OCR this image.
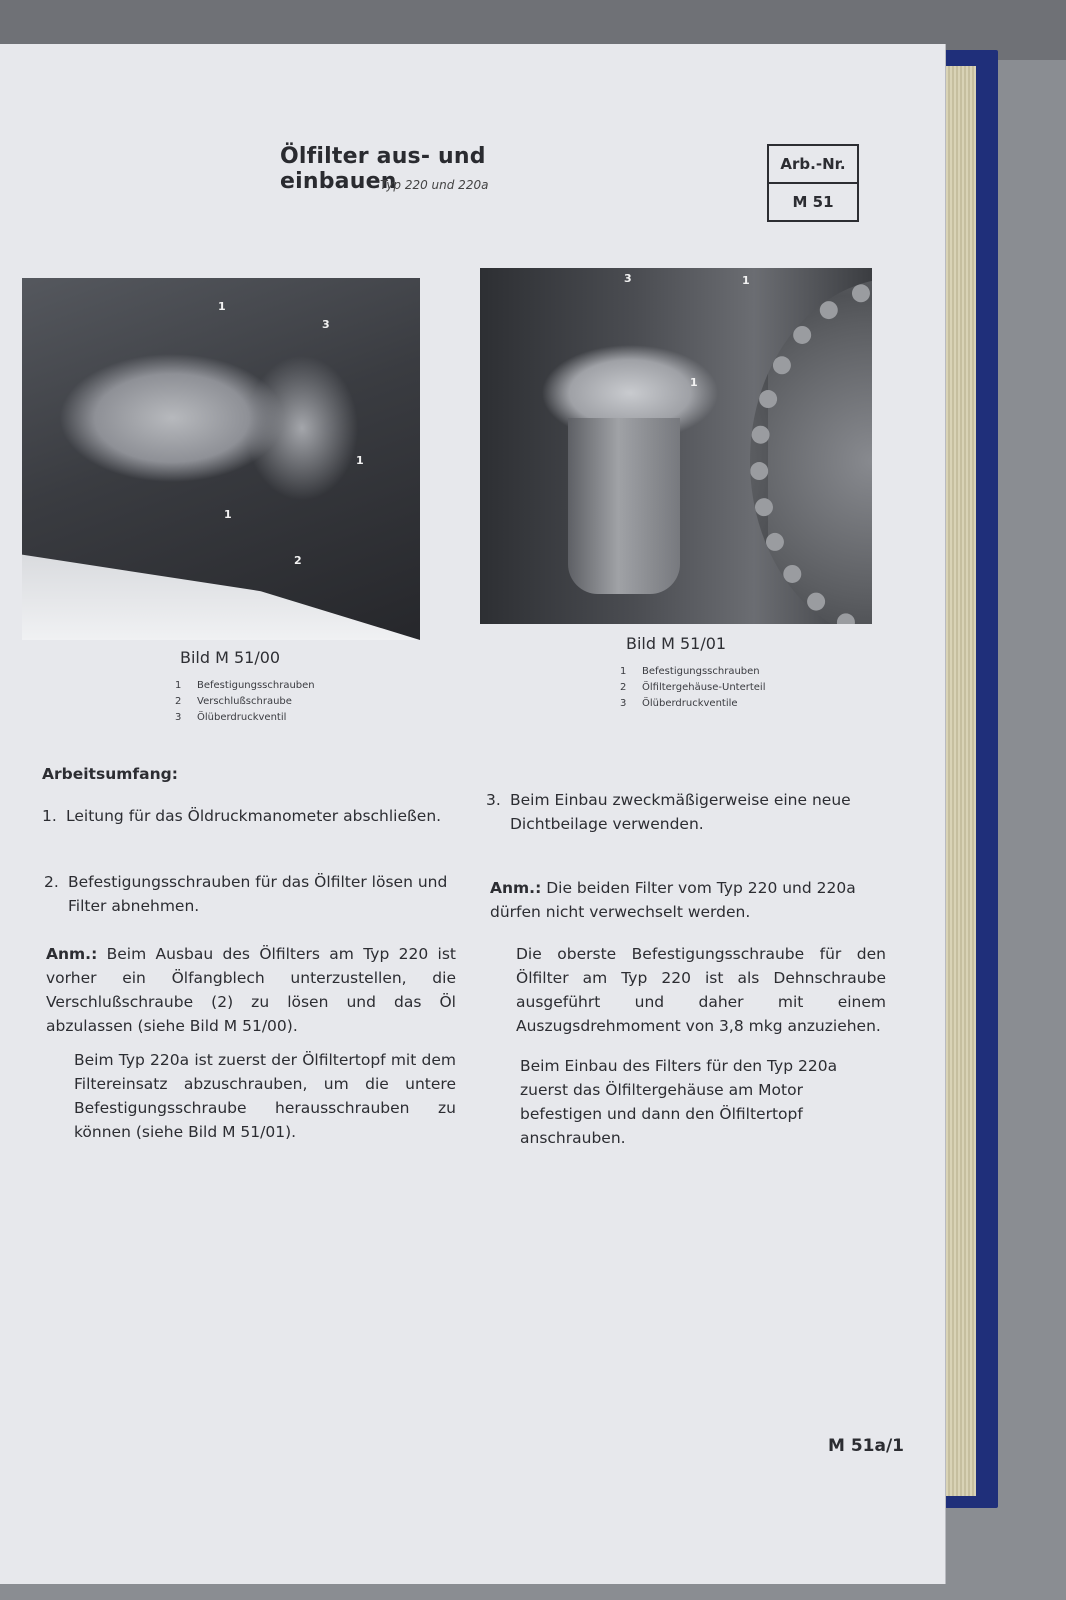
Ölfilter aus- und einbauen
Typ 220 und 220a
Arb.-Nr.
M 51
1
3
1
1
2
3	1
1
Bild M 51/00
1 Befestigungsschrauben
2 Verschlußschraube
3 Ölüberdruckventil
Bild M 51/01
1 Befestigungsschrauben
2 Ölfiltergehäuse-Unterteil
3 Ölüberdruckventile
Arbeitsumfang:
1. Leitung für das Öldruckmanometer abschließen.
2. Befestigungsschrauben für das Ölfilter lösen und Filter abnehmen.
Anm.: Beim Ausbau des Ölfilters am Typ 220 ist vorher ein Ölfangblech unterzustellen, die Verschlußschraube (2) zu lösen und das Öl abzulassen (siehe Bild M 51/00).
Beim Typ 220a ist zuerst der Ölfiltertopf mit dem Filtereinsatz abzuschrauben, um die untere Befestigungsschraube herausschrauben zu können (siehe Bild M 51/01).
3. Beim Einbau zweckmäßigerweise eine neue Dichtbeilage verwenden.
Anm.: Die beiden Filter vom Typ 220 und 220a dürfen nicht verwechselt werden.
Die oberste Befestigungsschraube für den Ölfilter am Typ 220 ist als Dehnschraube ausgeführt und daher mit einem Auszugsdrehmoment von 3,8 mkg anzuziehen.
Beim Einbau des Filters für den Typ 220a zuerst das Ölfiltergehäuse am Motor befestigen und dann den Ölfiltertopf anschrauben.
M 51a/1
